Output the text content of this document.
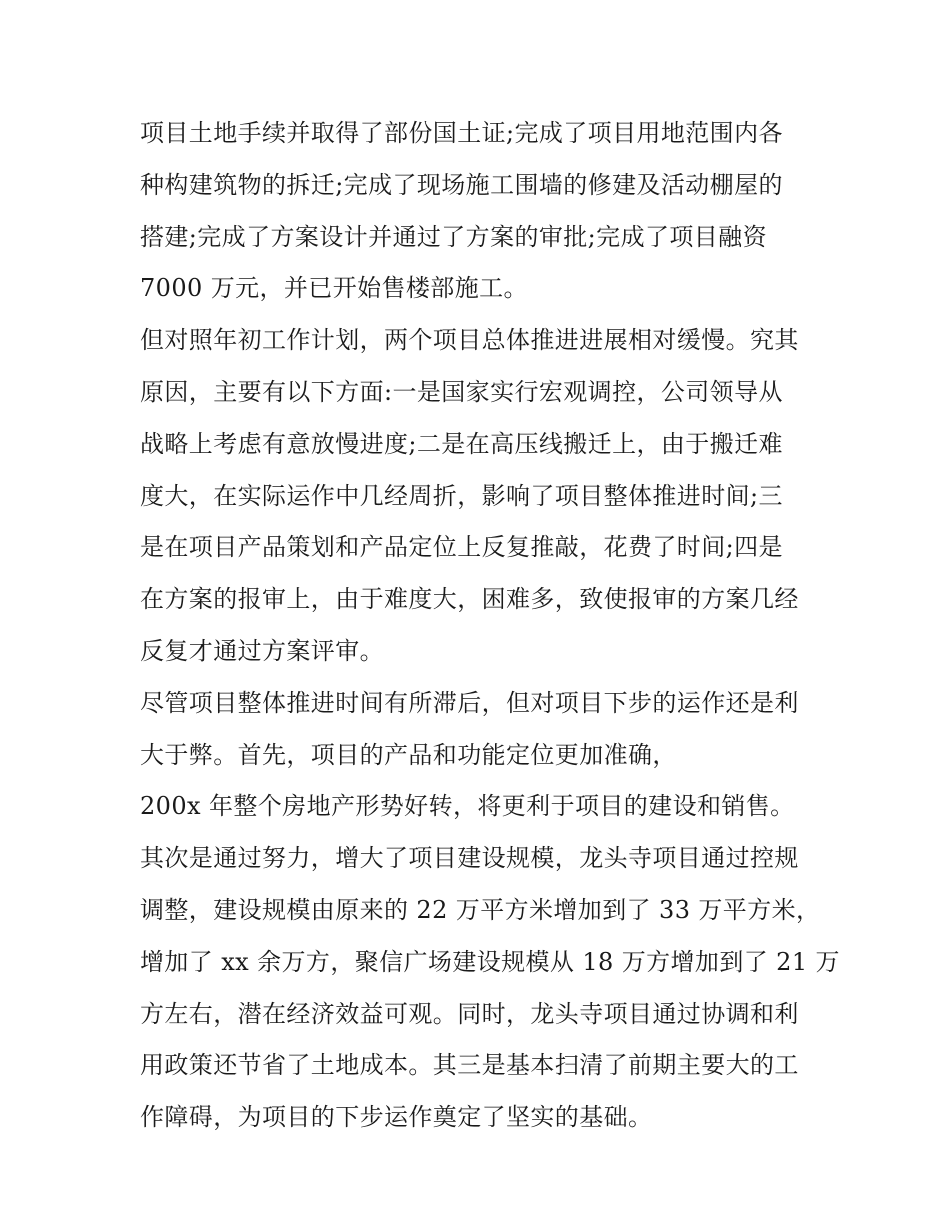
项目土地手续并取得了部份国土证;完成了项目用地范围内各
种构建筑物的拆迁;完成了现场施工围墙的修建及活动棚屋的
搭建;完成了方案设计并通过了方案的审批;完成了项目融资
7000 万元，并已开始售楼部施工。
但对照年初工作计划，两个项目总体推进进展相对缓慢。究其
原因，主要有以下方面:一是国家实行宏观调控，公司领导从
战略上考虑有意放慢进度;二是在高压线搬迁上，由于搬迁难
度大，在实际运作中几经周折，影响了项目整体推进时间;三
是在项目产品策划和产品定位上反复推敲，花费了时间;四是
在方案的报审上，由于难度大，困难多，致使报审的方案几经
反复才通过方案评审。
尽管项目整体推进时间有所滞后，但对项目下步的运作还是利
大于弊。首先，项目的产品和功能定位更加准确，
200x 年整个房地产形势好转，将更利于项目的建设和销售。
其次是通过努力，增大了项目建设规模，龙头寺项目通过控规
调整，建设规模由原来的 22 万平方米增加到了 33 万平方米，
增加了 xx 余万方，聚信广场建设规模从 18 万方增加到了 21 万
方左右，潜在经济效益可观。同时，龙头寺项目通过协调和利
用政策还节省了土地成本。其三是基本扫清了前期主要大的工
作障碍，为项目的下步运作奠定了坚实的基础。
